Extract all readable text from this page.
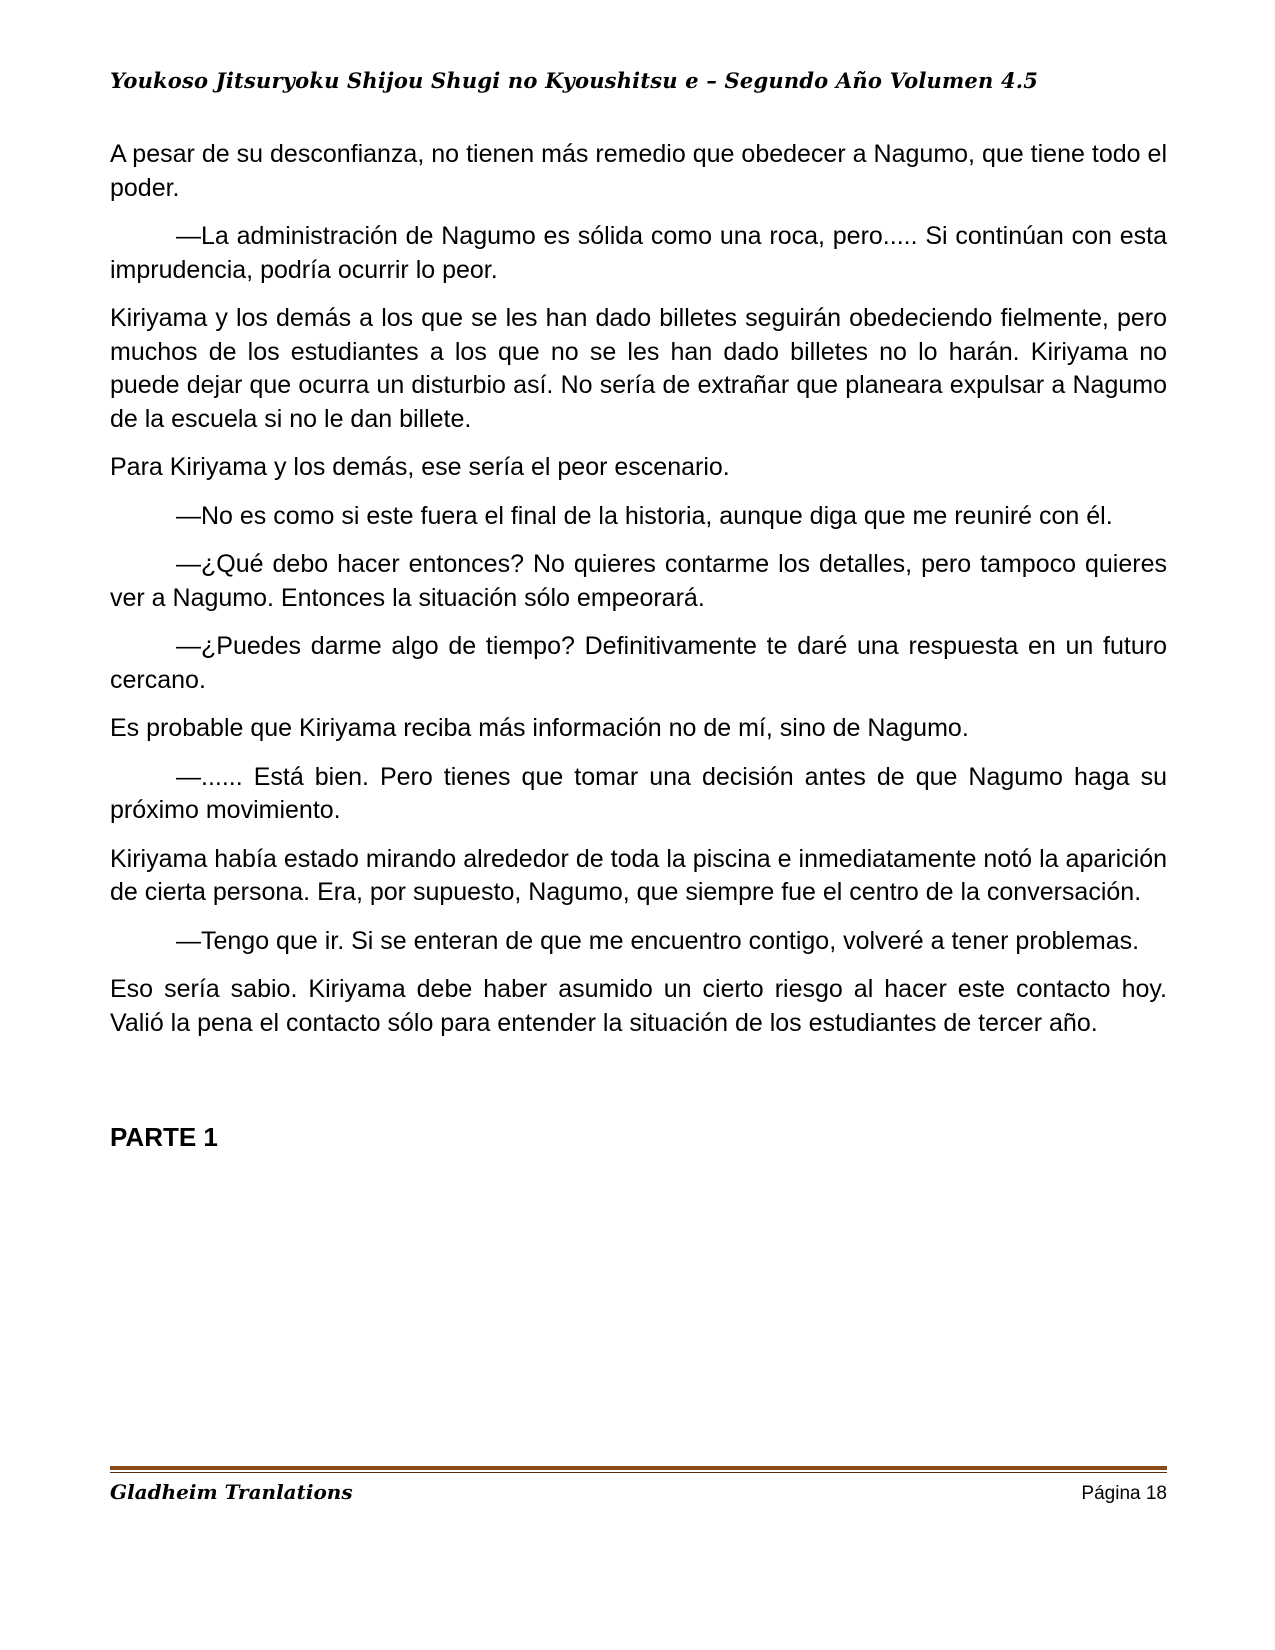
Youkoso Jitsuryoku Shijou Shugi no Kyoushitsu e – Segundo Año Volumen 4.5

A pesar de su desconfianza, no tienen más remedio que obedecer a Nagumo, que tiene todo el poder.

—La administración de Nagumo es sólida como una roca, pero..... Si continúan con esta imprudencia, podría ocurrir lo peor.

Kiriyama y los demás a los que se les han dado billetes seguirán obedeciendo fielmente, pero muchos de los estudiantes a los que no se les han dado billetes no lo harán. Kiriyama no puede dejar que ocurra un disturbio así. No sería de extrañar que planeara expulsar a Nagumo de la escuela si no le dan billete.

Para Kiriyama y los demás, ese sería el peor escenario.

—No es como si este fuera el final de la historia, aunque diga que me reuniré con él.

—¿Qué debo hacer entonces? No quieres contarme los detalles, pero tampoco quieres ver a Nagumo. Entonces la situación sólo empeorará.

—¿Puedes darme algo de tiempo? Definitivamente te daré una respuesta en un futuro cercano.

Es probable que Kiriyama reciba más información no de mí, sino de Nagumo.

—...... Está bien. Pero tienes que tomar una decisión antes de que Nagumo haga su próximo movimiento.

Kiriyama había estado mirando alrededor de toda la piscina e inmediatamente notó la aparición de cierta persona. Era, por supuesto, Nagumo, que siempre fue el centro de la conversación.

—Tengo que ir. Si se enteran de que me encuentro contigo, volveré a tener problemas.

Eso sería sabio. Kiriyama debe haber asumido un cierto riesgo al hacer este contacto hoy. Valió la pena el contacto sólo para entender la situación de los estudiantes de tercer año.

PARTE 1
Gladheim Tranlations	Página 18
